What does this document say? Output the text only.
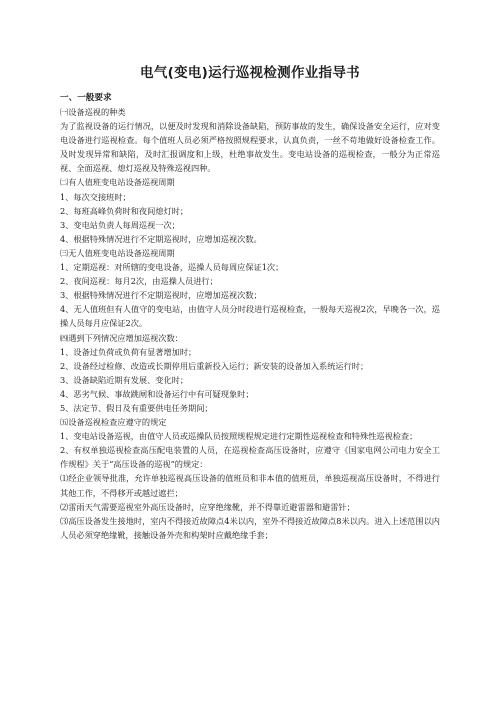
电气(变电)运行巡视检测作业指导书

一、一般要求

㈠设备巡视的种类

为了监视设备的运行情况，以便及时发现和消除设备缺陷，预防事故的发生，确保设备安全运行，应对变电设备进行巡视检查。每个值班人员必须严格按照规程要求，认真负责，一丝不苟地做好设备检查工作。及时发现异常和缺陷，及时汇报调度和上级，杜绝事故发生。变电站设备的巡视检查，一般分为正常巡视、全面巡视、熄灯巡视及特殊巡视四种。

㈡有人值班变电站设备巡视周期

1、每次交接班时；

2、每班高峰负荷时和夜间熄灯时；

3、变电站负责人每周巡视一次；

4、根据特殊情况进行不定期巡视时，应增加巡视次数。

㈢无人值班变电站设备巡视周期

1、定期巡视：对所辖的变电设备，巡操人员每周应保证1次；

2、夜间巡视：每月2次，由巡操人员进行；

3、根据特殊情况进行不定期巡视时，应增加巡视次数；

4、无人值班但有人值守的变电站，由值守人员分时段进行巡视检查，一般每天巡视2次，早晚各一次，巡操人员每月应保证2次。

㈣遇到下列情况应增加巡视次数：

1、设备过负荷或负荷有显著增加时；

2、设备经过检修、改造或长期停用后重新投入运行；新安装的设备加入系统运行时；

3、设备缺陷近期有发展、变化时；

4、恶劣气候、事故跳闸和设备运行中有可疑现象时；

5、法定节、假日及有重要供电任务期间；

㈤设备巡视检查应遵守的规定

1、变电站设备巡视，由值守人员或巡操队员按照规程规定进行定期性巡视检查和特殊性巡视检查；

2、有权单独巡视检查高压配电装置的人员，在巡视检查高压设备时，应遵守《国家电网公司电力安全工作规程》关于“高压设备的巡视”的规定：

⑴经企业领导批准，允许单独巡视高压设备的值班员和非本值的值班员，单独巡视高压设备时，不得进行其他工作，不得移开或越过遮拦；

⑵雷雨天气需要巡视室外高压设备时，应穿绝缘靴，并不得靠近避雷器和避雷针；

⑶高压设备发生接地时，室内不得接近故障点4米以内，室外不得接近故障点8米以内。进入上述范围以内人员必须穿绝缘靴，接触设备外壳和构架时应戴绝缘手套；
